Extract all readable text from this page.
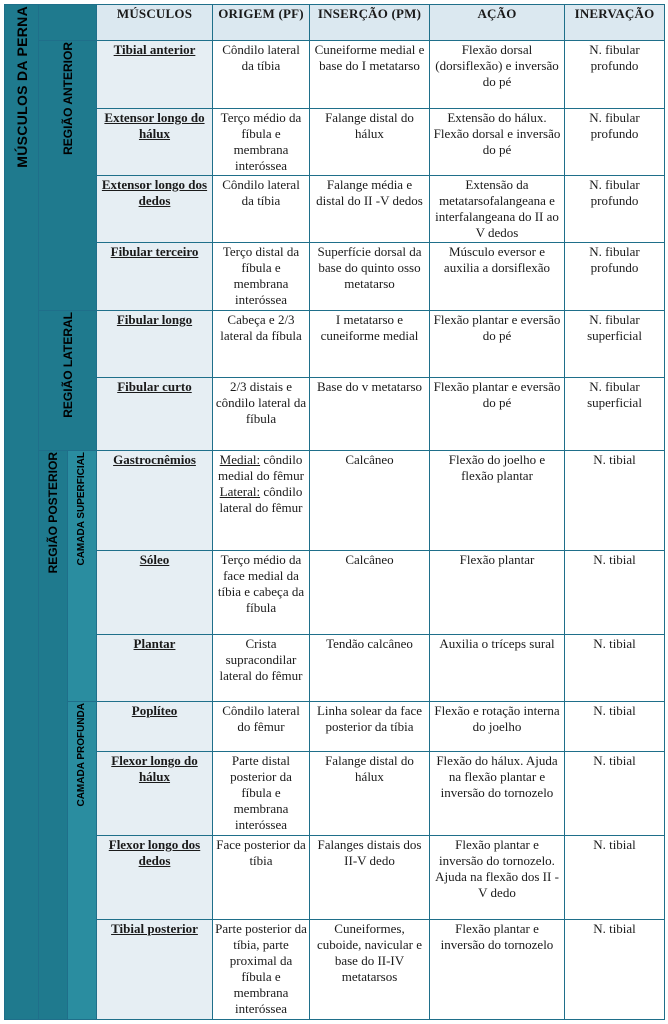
MÚSCULOS DA PERNA			MÚSCULOS	ORIGEM (PF)	INSERÇÃO (PM)	AÇÃO	INERVAÇÃO
	REGIÃO ANTERIOR		Tibial anterior	Côndilo lateral da tíbia	Cuneiforme medial e base do I metatarso	Flexão dorsal (dorsiflexão) e inversão do pé	N. fibular profundo
			Extensor longo do hálux	Terço médio da fíbula e membrana interóssea	Falange distal do hálux	Extensão do hálux. Flexão dorsal e inversão do pé	N. fibular profundo
			Extensor longo dos dedos	Côndilo lateral da tíbia	Falange média e distal do II -V dedos	Extensão da metatarsofalangeana e interfalangeana do II ao V dedos	N. fibular profundo
			Fibular terceiro	Terço distal da fíbula e membrana interóssea	Superfície dorsal da base do quinto osso metatarso	Músculo eversor e auxilia a dorsiflexão	N. fibular profundo
	REGIÃO LATERAL		Fibular longo	Cabeça e 2/3 lateral da fíbula	I metatarso e cuneiforme medial	Flexão plantar e eversão do pé	N. fibular superficial
			Fibular curto	2/3 distais e côndilo lateral da fíbula	Base do v metatarso	Flexão plantar e eversão do pé	N. fibular superficial
	REGIÃO POSTERIOR	CAMADA SUPERFICIAL	Gastrocnêmios	Medial: côndilo medial do fêmur Lateral: côndilo lateral do fêmur	Calcâneo	Flexão do joelho e flexão plantar	N. tibial
			Sóleo	Terço médio da face medial da tíbia e cabeça da fíbula	Calcâneo	Flexão plantar	N. tibial
			Plantar	Crista supracondilar lateral do fêmur	Tendão calcâneo	Auxilia o tríceps sural	N. tibial
		CAMADA PROFUNDA	Poplíteo	Côndilo lateral do fêmur	Linha solear da face posterior da tíbia	Flexão e rotação interna do joelho	N. tibial
			Flexor longo do hálux	Parte distal posterior da fíbula e membrana interóssea	Falange distal do hálux	Flexão do hálux. Ajuda na flexão plantar e inversão do tornozelo	N. tibial
			Flexor longo dos dedos	Face posterior da tíbia	Falanges distais dos II-V dedo	Flexão plantar e inversão do tornozelo. Ajuda na flexão dos II - V dedo	N. tibial
			Tibial posterior	Parte posterior da tíbia, parte proximal da fíbula e membrana interóssea	Cuneiformes, cuboide, navicular e base do II-IV metatarsos	Flexão plantar e inversão do tornozelo	N. tibial
